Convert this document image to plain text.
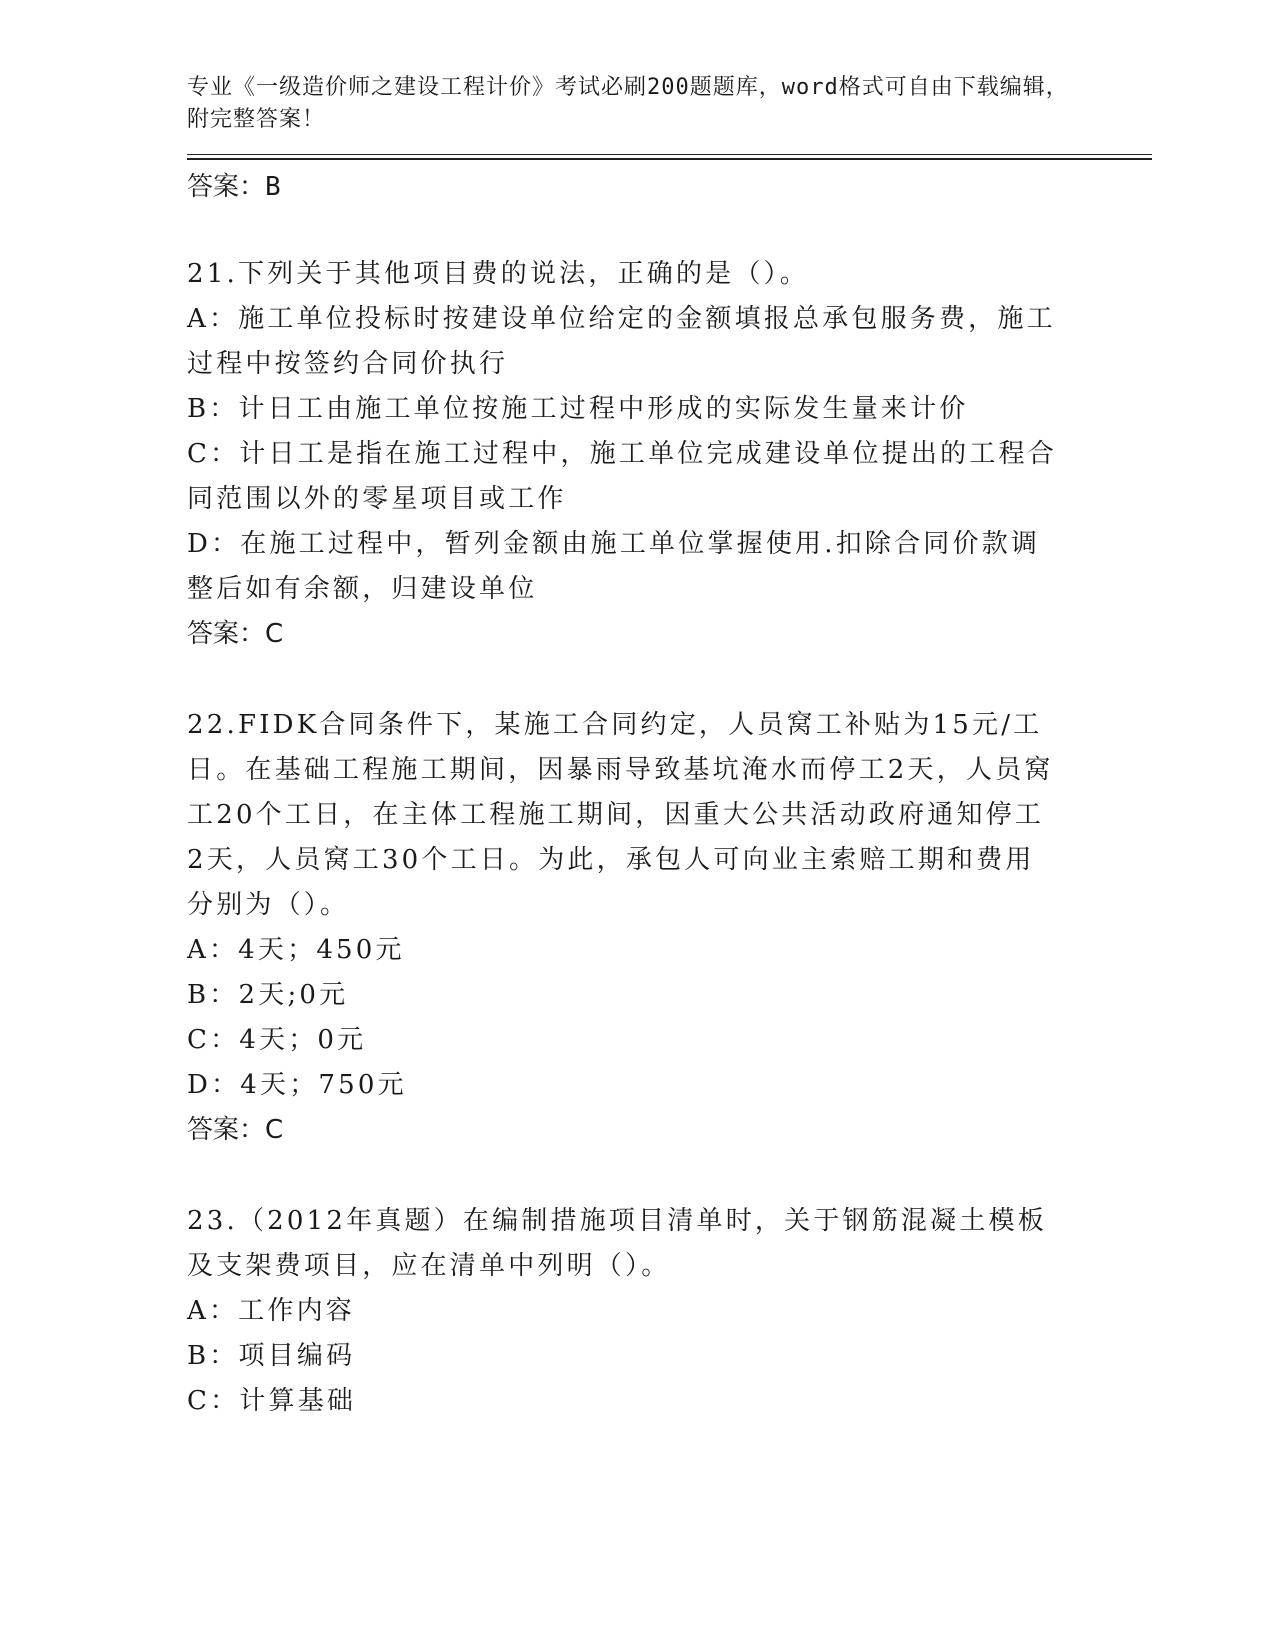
专业《一级造价师之建设工程计价》考试必刷200题题库，word格式可自由下载编辑，附完整答案！
答案：B
21.下列关于其他项目费的说法，正确的是（）。
A：施工单位投标时按建设单位给定的金额填报总承包服务费，施工过程中按签约合同价执行
B：计日工由施工单位按施工过程中形成的实际发生量来计价
C：计日工是指在施工过程中，施工单位完成建设单位提出的工程合同范围以外的零星项目或工作
D：在施工过程中，暂列金额由施工单位掌握使用.扣除合同价款调整后如有余额，归建设单位
答案：C
22.FIDK合同条件下，某施工合同约定，人员窝工补贴为15元/工日。在基础工程施工期间，因暴雨导致基坑淹水而停工2天，人员窝工20个工日，在主体工程施工期间，因重大公共活动政府通知停工2天，人员窝工30个工日。为此，承包人可向业主索赔工期和费用分别为（）。
A：4天；450元
B：2天;0元
C：4天；0元
D：4天；750元
答案：C
23.（2012年真题）在编制措施项目清单时，关于钢筋混凝土模板及支架费项目，应在清单中列明（）。
A：工作内容
B：项目编码
C：计算基础
